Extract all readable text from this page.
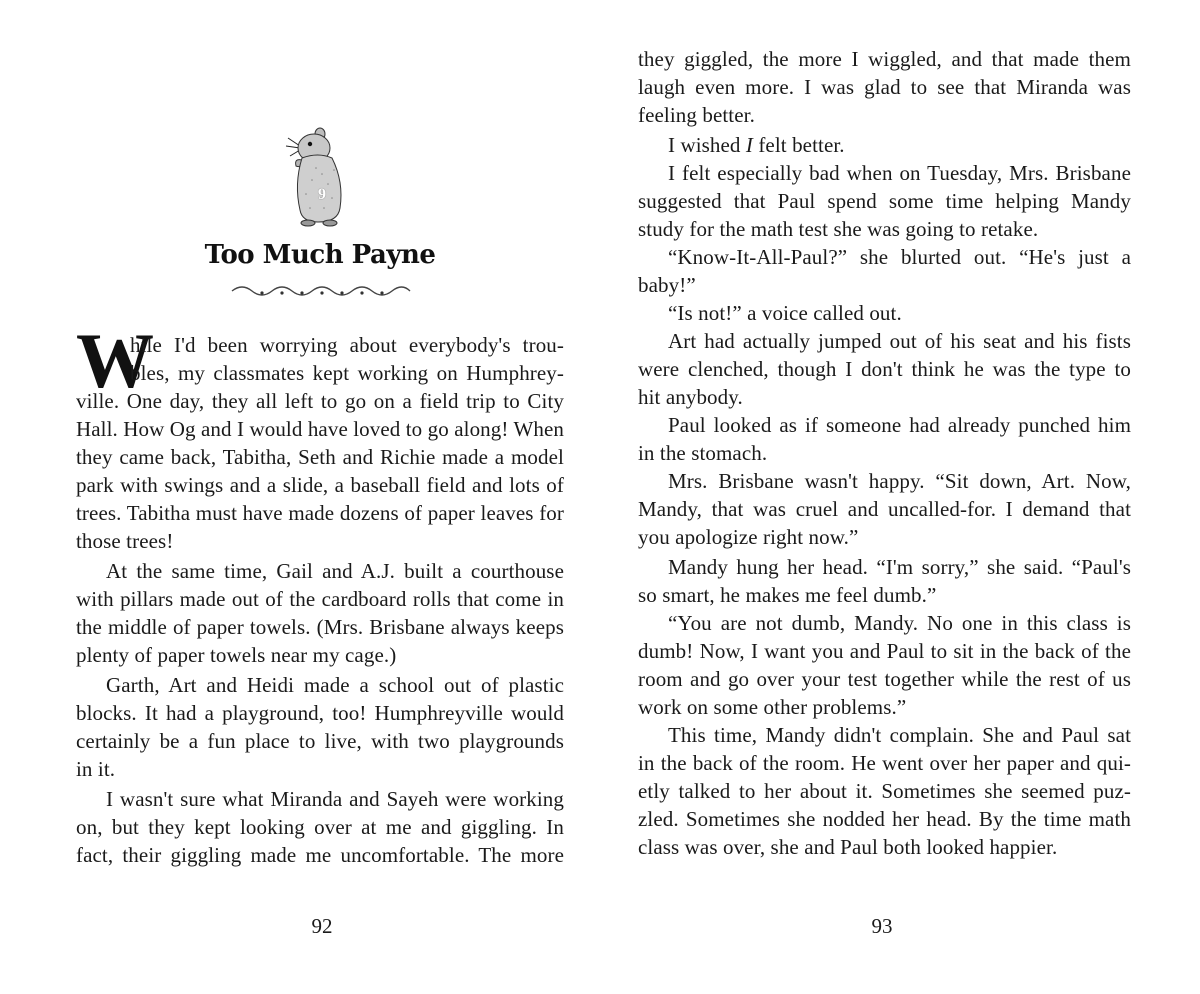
9
Too Much Payne
W
hile I'd been worrying about everybody's trou-
bles, my classmates kept working on Humphrey-
ville. One day, they all left to go on a field trip to City
Hall. How Og and I would have loved to go along! When
they came back, Tabitha, Seth and Richie made a model
park with swings and a slide, a baseball field and lots of
trees. Tabitha must have made dozens of paper leaves for
those trees!
At the same time, Gail and A.J. built a courthouse
with pillars made out of the cardboard rolls that come in
the middle of paper towels. (Mrs. Brisbane always keeps
plenty of paper towels near my cage.)
Garth, Art and Heidi made a school out of plastic
blocks. It had a playground, too! Humphreyville would
certainly be a fun place to live, with two playgrounds
in it.
I wasn't sure what Miranda and Sayeh were working
on, but they kept looking over at me and giggling. In
fact, their giggling made me uncomfortable. The more
92
they giggled, the more I wiggled, and that made them
laugh even more. I was glad to see that Miranda was
feeling better.
I wished I felt better.
I felt especially bad when on Tuesday, Mrs. Brisbane
suggested that Paul spend some time helping Mandy
study for the math test she was going to retake.
“Know-It-All-Paul?” she blurted out. “He's just a
baby!”
“Is not!” a voice called out.
Art had actually jumped out of his seat and his fists
were clenched, though I don't think he was the type to
hit anybody.
Paul looked as if someone had already punched him
in the stomach.
Mrs. Brisbane wasn't happy. “Sit down, Art. Now,
Mandy, that was cruel and uncalled-for. I demand that
you apologize right now.”
Mandy hung her head. “I'm sorry,” she said. “Paul's
so smart, he makes me feel dumb.”
“You are not dumb, Mandy. No one in this class is
dumb! Now, I want you and Paul to sit in the back of the
room and go over your test together while the rest of us
work on some other problems.”
This time, Mandy didn't complain. She and Paul sat
in the back of the room. He went over her paper and qui-
etly talked to her about it. Sometimes she seemed puz-
zled. Sometimes she nodded her head. By the time math
class was over, she and Paul both looked happier.
93
